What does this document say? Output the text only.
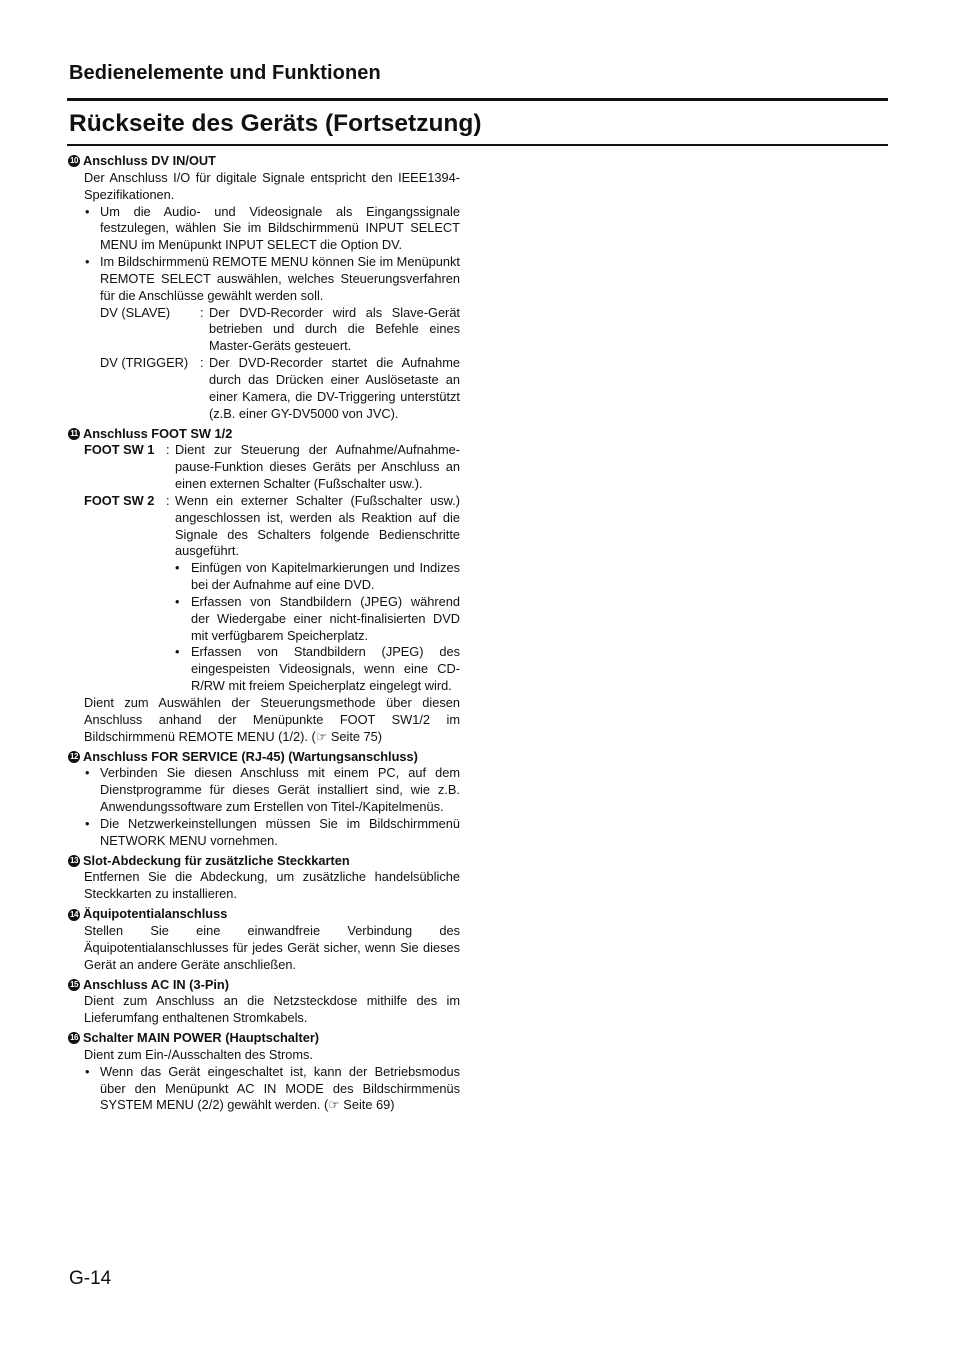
Bedienelemente und Funktionen
Rückseite des Geräts (Fortsetzung)
10 Anschluss DV IN/OUT
Der Anschluss I/O für digitale Signale entspricht den IEEE1394-Spezifikationen.
• Um die Audio- und Videosignale als Eingangssignale festzulegen, wählen Sie im Bildschirmmenü INPUT SELECT MENU im Menüpunkt INPUT SELECT die Option DV.
• Im Bildschirmmenü REMOTE MENU können Sie im Menüpunkt REMOTE SELECT auswählen, welches Steuerungsverfahren für die Anschlüsse gewählt werden soll.
DV (SLAVE)	: Der DVD-Recorder wird als Slave-Gerät betrieben und durch die Befehle eines Master-Geräts gesteuert.
DV (TRIGGER) : Der DVD-Recorder startet die Aufnahme durch das Drücken einer Auslösetaste an einer Kamera, die DV-Triggering unterstützt (z.B. einer GY-DV5000 von JVC).
11 Anschluss FOOT SW 1/2
FOOT SW 1 : Dient zur Steuerung der Aufnahme/Aufnahme-pause-Funktion dieses Geräts per Anschluss an einen externen Schalter (Fußschalter usw.).
FOOT SW 2 : Wenn ein externer Schalter (Fußschalter usw.) angeschlossen ist, werden als Reaktion auf die Signale des Schalters folgende Bedienschritte ausgeführt.
• Einfügen von Kapitelmarkierungen und Indizes bei der Aufnahme auf eine DVD.
• Erfassen von Standbildern (JPEG) während der Wiedergabe einer nicht-finalisierten DVD mit verfügbarem Speicherplatz.
• Erfassen von Standbildern (JPEG) des eingespeisten Videosignals, wenn eine CD-R/RW mit freiem Speicherplatz eingelegt wird.
Dient zum Auswählen der Steuerungsmethode über diesen Anschluss anhand der Menüpunkte FOOT SW1/2 im Bildschirmmenü REMOTE MENU (1/2). (☞ Seite 75)
12 Anschluss FOR SERVICE (RJ-45) (Wartungsanschluss)
• Verbinden Sie diesen Anschluss mit einem PC, auf dem Dienstprogramme für dieses Gerät installiert sind, wie z.B. Anwendungssoftware zum Erstellen von Titel-/Kapitelmenüs.
• Die Netzwerkeinstellungen müssen Sie im Bildschirmmenü NETWORK MENU vornehmen.
13 Slot-Abdeckung für zusätzliche Steckkarten
Entfernen Sie die Abdeckung, um zusätzliche handelsübliche Steckkarten zu installieren.
14 Äquipotentialanschluss
Stellen Sie eine einwandfreie Verbindung des Äquipotentialanschlusses für jedes Gerät sicher, wenn Sie dieses Gerät an andere Geräte anschließen.
15 Anschluss AC IN (3-Pin)
Dient zum Anschluss an die Netzsteckdose mithilfe des im Lieferumfang enthaltenen Stromkabels.
16 Schalter MAIN POWER (Hauptschalter)
Dient zum Ein-/Ausschalten des Stroms.
• Wenn das Gerät eingeschaltet ist, kann der Betriebsmodus über den Menüpunkt AC IN MODE des Bildschirmmenüs SYSTEM MENU (2/2) gewählt werden. (☞ Seite 69)
G-14
